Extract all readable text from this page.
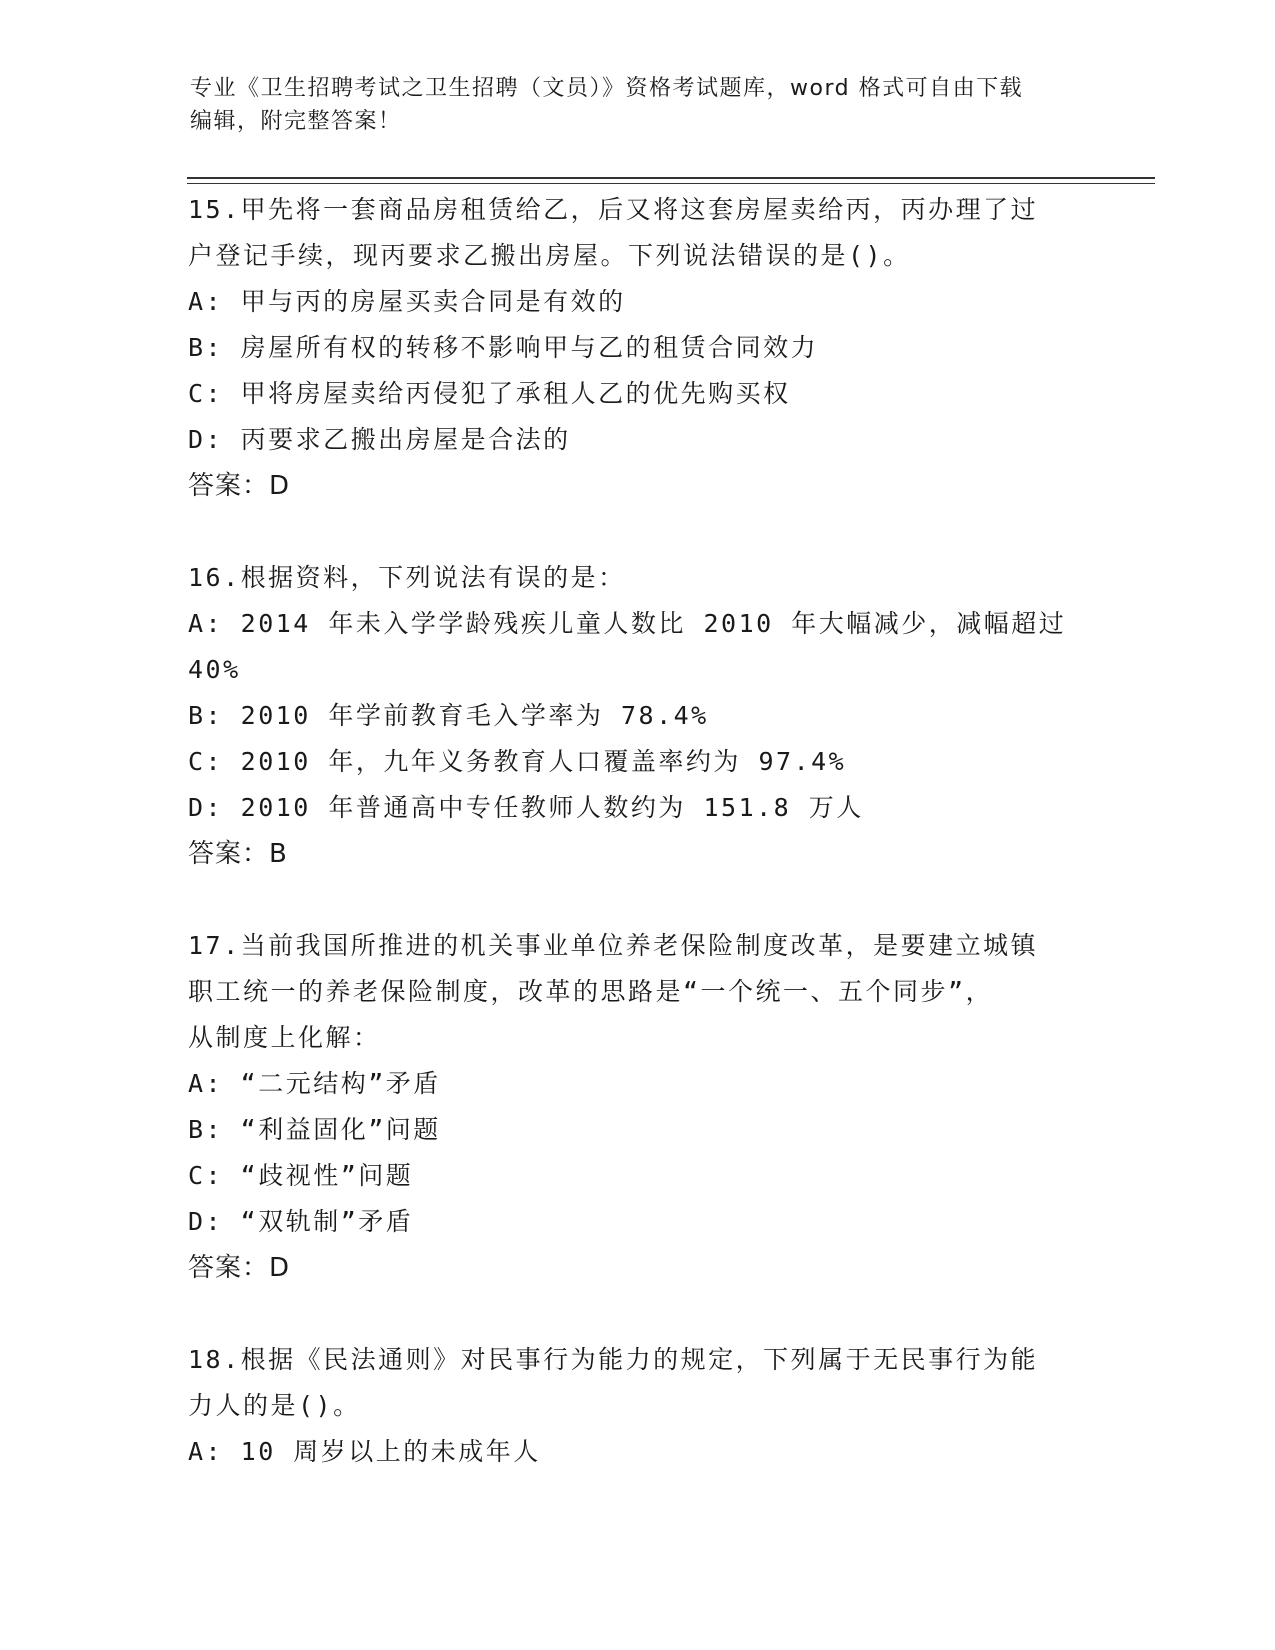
专业《卫生招聘考试之卫生招聘（文员）》资格考试题库，word 格式可自由下载
编辑，附完整答案！

15.甲先将一套商品房租赁给乙，后又将这套房屋卖给丙，丙办理了过

户登记手续，现丙要求乙搬出房屋。下列说法错误的是()。

A: 甲与丙的房屋买卖合同是有效的

B: 房屋所有权的转移不影响甲与乙的租赁合同效力

C: 甲将房屋卖给丙侵犯了承租人乙的优先购买权

D: 丙要求乙搬出房屋是合法的

答案：D

16.根据资料，下列说法有误的是：

A: 2014 年未入学学龄残疾儿童人数比 2010 年大幅减少，减幅超过

40%

B: 2010 年学前教育毛入学率为 78.4%

C: 2010 年，九年义务教育人口覆盖率约为 97.4%

D: 2010 年普通高中专任教师人数约为 151.8 万人

答案：B

17.当前我国所推进的机关事业单位养老保险制度改革，是要建立城镇

职工统一的养老保险制度，改革的思路是“一个统一、五个同步”，

从制度上化解：

A: “二元结构”矛盾

B: “利益固化”问题

C: “歧视性”问题

D: “双轨制”矛盾

答案：D

18.根据《民法通则》对民事行为能力的规定，下列属于无民事行为能

力人的是()。

A: 10 周岁以上的未成年人
